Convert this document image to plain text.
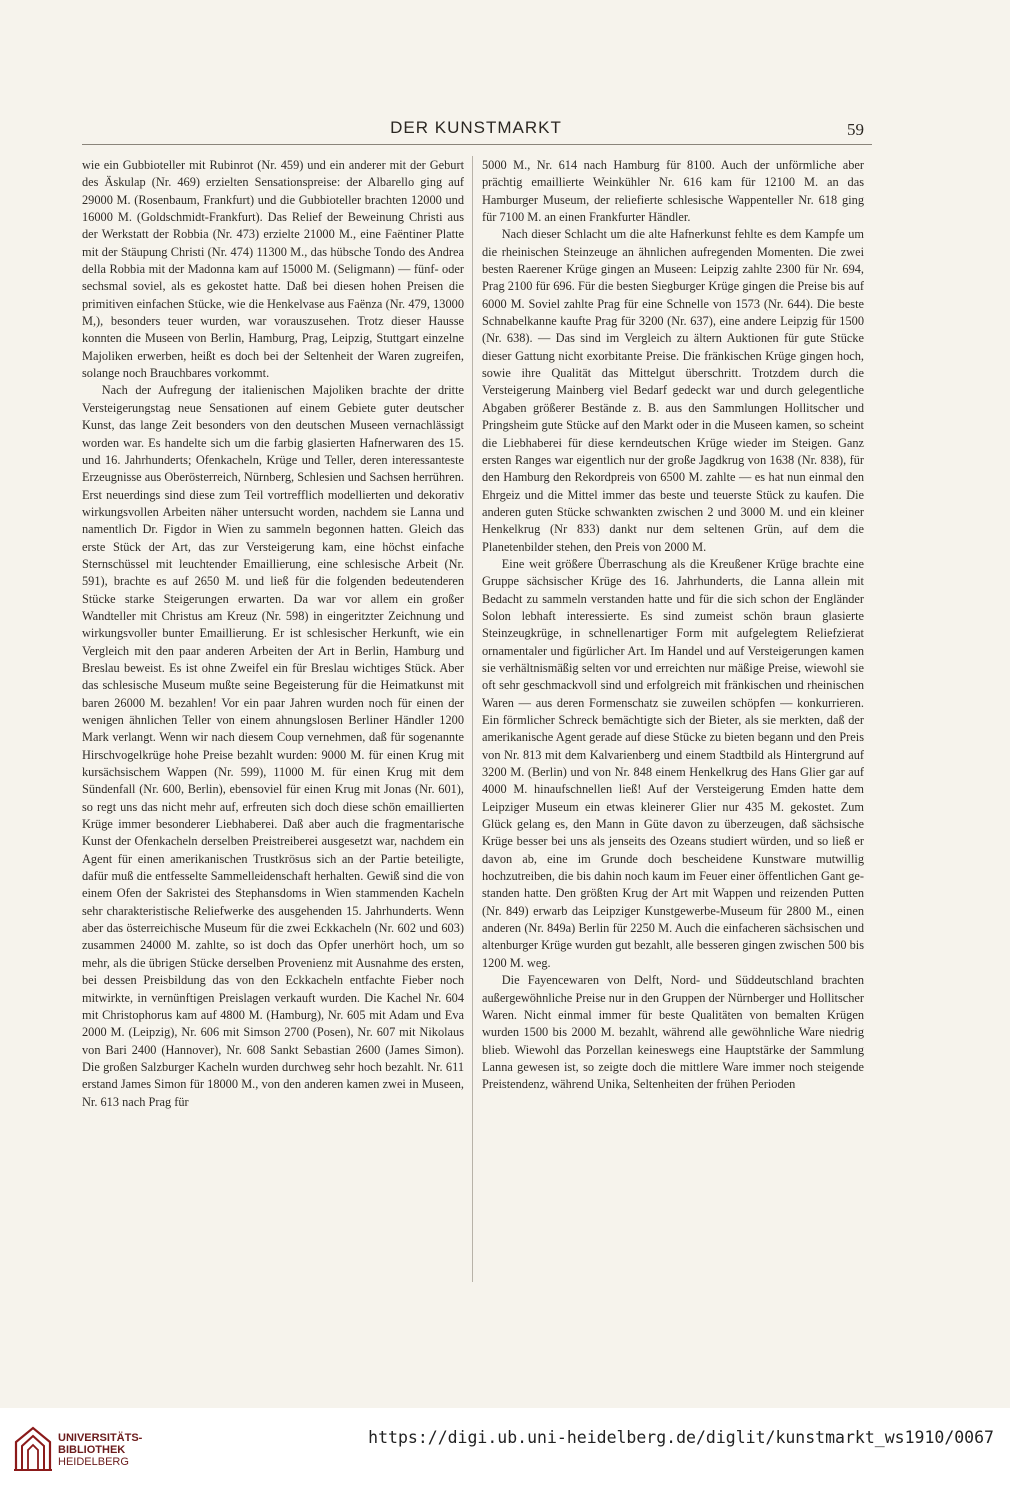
DER KUNSTMARKT	59

wie ein Gubbioteller mit Rubinrot (Nr. 459) und ein anderer mit der Geburt des Äskulap (Nr. 469) erzielten Sensationspreise: der Albarello ging auf 29000 M. (Rosenbaum, Frankfurt) und die Gubbioteller brachten 12000 und 16000 M. (Goldschmidt-Frankfurt). Das Relief der Beweinung Christi aus der Werkstatt der Robbia (Nr. 473) erzielte 21000 M., eine Faëntiner Platte mit der Stäupung Christi (Nr. 474) 11300 M., das hübsche Tondo des Andrea della Robbia mit der Madonna kam auf 15000 M. (Seligmann) — fünf- oder sechsmal soviel, als es gekostet hatte. Daß bei diesen hohen Preisen die primitiven einfachen Stücke, wie die Henkelvase aus Faënza (Nr. 479, 13000 M,), besonders teuer wurden, war vorauszusehen. Trotz dieser Hausse konnten die Museen von Berlin, Hamburg, Prag, Leipzig, Stuttgart einzelne Majoliken erwerben, heißt es doch bei der Seltenheit der Waren zugreifen, solange noch Brauchbares vorkommt.

Nach der Aufregung der italienischen Majoliken brachte der dritte Versteigerungstag neue Sensationen auf einem Gebiete guter deutscher Kunst, das lange Zeit besonders von den deutschen Museen vernachlässigt worden war. Es handelte sich um die farbig glasierten Hafnerwaren des 15. und 16. Jahrhunderts; Ofenkacheln, Krüge und Teller, deren interessanteste Erzeugnisse aus Oberösterreich, Nürnberg, Schlesien und Sachsen herrühren. Erst neuerdings sind diese zum Teil vortrefflich modellierten und dekorativ wirkungsvollen Arbeiten näher untersucht worden, nachdem sie Lanna und namentlich Dr. Figdor in Wien zu sammeln begonnen hatten. Gleich das erste Stück der Art, das zur Versteigerung kam, eine höchst einfache Sternschüssel mit leuchtender Emaillierung, eine schlesische Arbeit (Nr. 591), brachte es auf 2650 M. und ließ für die folgenden bedeutenderen Stücke starke Steigerungen erwarten. Da war vor allem ein großer Wandteller mit Christus am Kreuz (Nr. 598) in eingeritzter Zeichnung und wirkungsvoller bunter Emaillierung. Er ist schlesischer Herkunft, wie ein Vergleich mit den paar anderen Arbeiten der Art in Berlin, Hamburg und Breslau beweist. Es ist ohne Zweifel ein für Breslau wichtiges Stück. Aber das schlesische Museum mußte seine Begeisterung für die Heimatkunst mit baren 26000 M. bezahlen! Vor ein paar Jahren wurden noch für einen der wenigen ähnlichen Teller von einem ahnungslosen Berliner Händler 1200 Mark verlangt. Wenn wir nach diesem Coup vernehmen, daß für sogenannte Hirschvogelkrüge hohe Preise bezahlt wurden: 9000 M. für einen Krug mit kursächsischem Wappen (Nr. 599), 11000 M. für einen Krug mit dem Sündenfall (Nr. 600, Berlin), ebensoviel für einen Krug mit Jonas (Nr. 601), so regt uns das nicht mehr auf, erfreuten sich doch diese schön emaillierten Krüge immer besonderer Liebhaberei. Daß aber auch die fragmentarische Kunst der Ofenkacheln derselben Preistreiberei ausgesetzt war, nachdem ein Agent für einen amerikanischen Trustkrösus sich an der Partie beteiligte, dafür muß die entfesselte Sammelleidenschaft herhalten. Gewiß sind die von einem Ofen der Sakristei des Stephansdoms in Wien stammenden Kacheln sehr charakteristische Reliefwerke des ausgehenden 15. Jahrhunderts. Wenn aber das österreichische Museum für die zwei Eckkacheln (Nr. 602 und 603) zusammen 24000 M. zahlte, so ist doch das Opfer unerhört hoch, um so mehr, als die übrigen Stücke derselben Provenienz mit Ausnahme des ersten, bei dessen Preisbildung das von den Eckkacheln entfachte Fieber noch mitwirkte, in vernünftigen Preislagen verkauft wurden. Die Kachel Nr. 604 mit Christophorus kam auf 4800 M. (Hamburg), Nr. 605 mit Adam und Eva 2000 M. (Leipzig), Nr. 606 mit Simson 2700 (Posen), Nr. 607 mit Nikolaus von Bari 2400 (Hannover), Nr. 608 Sankt Sebastian 2600 (James Simon). Die großen Salzburger Kacheln wurden durchweg sehr hoch bezahlt. Nr. 611 erstand James Simon für 18000 M., von den anderen kamen zwei in Museen, Nr. 613 nach Prag für

5000 M., Nr. 614 nach Hamburg für 8100. Auch der unförmliche aber prächtig emaillierte Weinkühler Nr. 616 kam für 12100 M. an das Hamburger Museum, der reliefierte schlesische Wappenteller Nr. 618 ging für 7100 M. an einen Frankfurter Händler.

Nach dieser Schlacht um die alte Hafnerkunst fehlte es dem Kampfe um die rheinischen Steinzeuge an ähnlichen aufregenden Momenten. Die zwei besten Raerener Krüge gingen an Museen: Leipzig zahlte 2300 für Nr. 694, Prag 2100 für 696. Für die besten Siegburger Krüge gingen die Preise bis auf 6000 M. Soviel zahlte Prag für eine Schnelle von 1573 (Nr. 644). Die beste Schnabelkanne kaufte Prag für 3200 (Nr. 637), eine andere Leipzig für 1500 (Nr. 638). — Das sind im Vergleich zu ältern Auktionen für gute Stücke dieser Gattung nicht exorbitante Preise. Die fränkischen Krüge gingen hoch, sowie ihre Qualität das Mittelgut überschritt. Trotzdem durch die Versteigerung Mainberg viel Bedarf gedeckt war und durch gelegentliche Abgaben größerer Bestände z. B. aus den Sammlungen Hollitscher und Pringsheim gute Stücke auf den Markt oder in die Museen kamen, so scheint die Liebhaberei für diese kerndeutschen Krüge wieder im Steigen. Ganz ersten Ranges war eigentlich nur der große Jagdkrug von 1638 (Nr. 838), für den Hamburg den Rekordpreis von 6500 M. zahlte — es hat nun einmal den Ehrgeiz und die Mittel immer das beste und teuerste Stück zu kaufen. Die anderen guten Stücke schwankten zwischen 2 und 3000 M. und ein kleiner Henkelkrug (Nr 833) dankt nur dem seltenen Grün, auf dem die Planetenbilder stehen, den Preis von 2000 M.

Eine weit größere Überraschung als die Kreußener Krüge brachte eine Gruppe sächsischer Krüge des 16. Jahrhunderts, die Lanna allein mit Bedacht zu sammeln verstanden hatte und für die sich schon der Engländer Solon lebhaft interessierte. Es sind zumeist schön braun glasierte Steinzeugkrüge, in schnellenartiger Form mit aufgelegtem Reliefzierat ornamentaler und figürlicher Art. Im Handel und auf Versteigerungen kamen sie verhältnismäßig selten vor und erreichten nur mäßige Preise, wiewohl sie oft sehr geschmackvoll sind und erfolgreich mit fränkischen und rheinischen Waren — aus deren Formenschatz sie zuweilen schöpfen — konkurrieren. Ein förmlicher Schreck bemächtigte sich der Bieter, als sie merkten, daß der amerikanische Agent gerade auf diese Stücke zu bieten begann und den Preis von Nr. 813 mit dem Kalvarienberg und einem Stadtbild als Hintergrund auf 3200 M. (Berlin) und von Nr. 848 einem Henkelkrug des Hans Glier gar auf 4000 M. hinaufschnellen ließ! Auf der Versteigerung Emden hatte dem Leipziger Museum ein etwas kleinerer Glier nur 435 M. gekostet. Zum Glück gelang es, den Mann in Güte davon zu überzeugen, daß sächsische Krüge besser bei uns als jenseits des Ozeans studiert würden, und so ließ er davon ab, eine im Grunde doch bescheidene Kunstware mutwillig hochzutreiben, die bis dahin noch kaum im Feuer einer öffentlichen Gant gestanden hatte. Den größten Krug der Art mit Wappen und reizenden Putten (Nr. 849) erwarb das Leipziger Kunstgewerbe-Museum für 2800 M., einen anderen (Nr. 849a) Berlin für 2250 M. Auch die einfacheren sächsischen und altenburger Krüge wurden gut bezahlt, alle besseren gingen zwischen 500 bis 1200 M. weg.

Die Fayencewaren von Delft, Nord- und Süddeutschland brachten außergewöhnliche Preise nur in den Gruppen der Nürnberger und Hollitscher Waren. Nicht einmal immer für beste Qualitäten von bemalten Krügen wurden 1500 bis 2000 M. bezahlt, während alle gewöhnliche Ware niedrig blieb. Wiewohl das Porzellan keineswegs eine Hauptstärke der Sammlung Lanna gewesen ist, so zeigte doch die mittlere Ware immer noch steigende Preistendenz, während Unika, Seltenheiten der frühen Perioden

UNIVERSITÄTS-
BIBLIOTHEK
HEIDELBERG
https://digi.ub.uni-heidelberg.de/diglit/kunstmarkt_ws1910/0067
